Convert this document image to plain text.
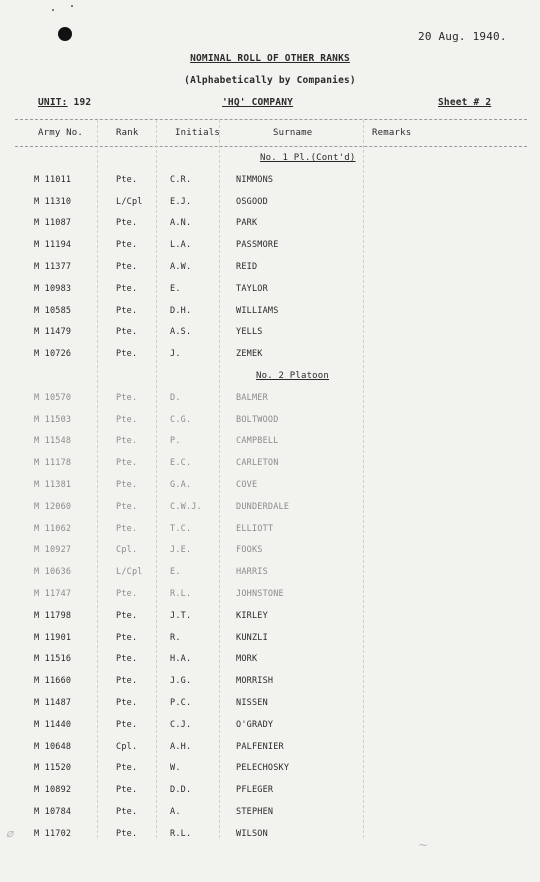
20 Aug. 1940.
NOMINAL ROLL OF OTHER RANKS
(Alphabetically by Companies)
UNIT: 192	'HQ' COMPANY	Sheet # 2
Army No.	Rank	Initials	Surname	Remarks
No. 1 Pl.(Cont'd)
M 11011	Pte.	C.R.	NIMMONS
M 11310	L/Cpl	E.J.	OSGOOD
M 11087	Pte.	A.N.	PARK
M 11194	Pte.	L.A.	PASSMORE
M 11377	Pte.	A.W.	REID
M 10983	Pte.	E.	TAYLOR
M 10585	Pte.	D.H.	WILLIAMS
M 11479	Pte.	A.S.	YELLS
M 10726	Pte.	J.	ZEMEK
No. 2 Platoon
M 10570	Pte.	D.	BALMER
M 11503	Pte.	C.G.	BOLTWOOD
M 11548	Pte.	P.	CAMPBELL
M 11178	Pte.	E.C.	CARLETON
M 11381	Pte.	G.A.	COVE
M 12060	Pte.	C.W.J.	DUNDERDALE
M 11062	Pte.	T.C.	ELLIOTT
M 10927	Cpl.	J.E.	FOOKS
M 10636	L/Cpl	E.	HARRIS
M 11747	Pte.	R.L.	JOHNSTONE
M 11798	Pte.	J.T.	KIRLEY
M 11901	Pte.	R.	KUNZLI
M 11516	Pte.	H.A.	MORK
M 11660	Pte.	J.G.	MORRISH
M 11487	Pte.	P.C.	NISSEN
M 11440	Pte.	C.J.	O'GRADY
M 10648	Cpl.	A.H.	PALFENIER
M 11520	Pte.	W.	PELECHOSKY
M 10892	Pte.	D.D.	PFLEGER
M 10784	Pte.	A.	STEPHEN
M 11702	Pte.	R.L.	WILSON
⌀
~
